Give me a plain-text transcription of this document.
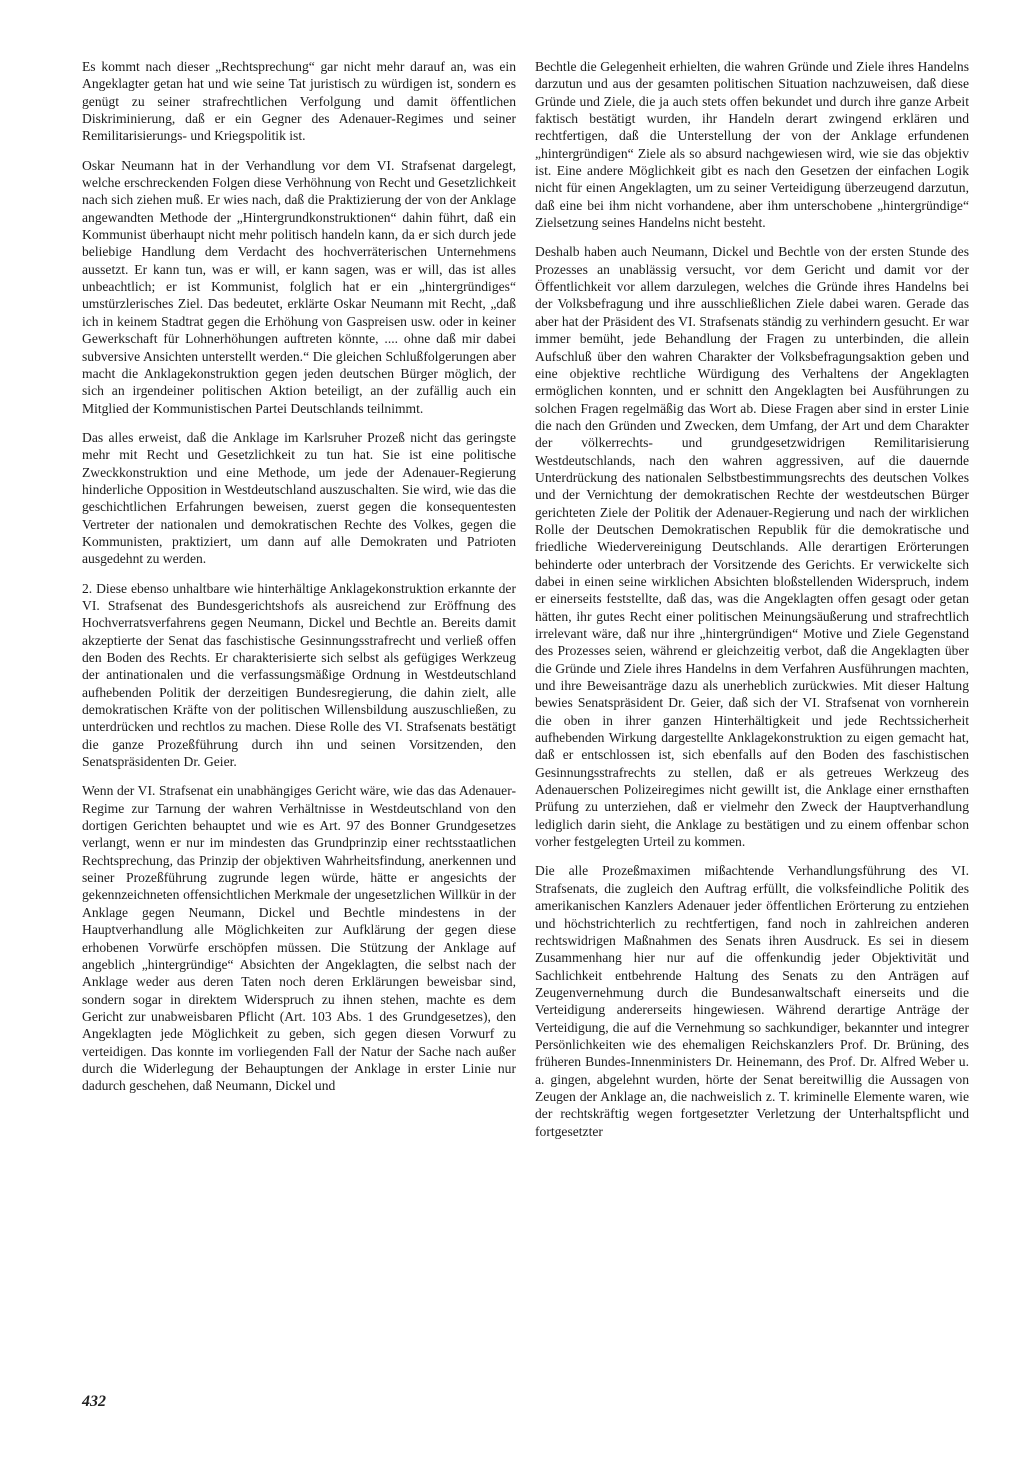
Es kommt nach dieser „Rechtsprechung“ gar nicht mehr darauf an, was ein Angeklagter getan hat und wie seine Tat juristisch zu würdigen ist, sondern es genügt zu seiner strafrechtlichen Verfolgung und damit öffentlichen Diskriminierung, daß er ein Gegner des Adenauer-Regimes und seiner Remilitarisierungs- und Kriegspolitik ist.

Oskar Neumann hat in der Verhandlung vor dem VI. Strafsenat dargelegt, welche erschreckenden Folgen diese Verhöhnung von Recht und Gesetzlichkeit nach sich ziehen muß. Er wies nach, daß die Praktizierung der von der Anklage angewandten Methode der „Hintergrundkonstruktionen“ dahin führt, daß ein Kommunist überhaupt nicht mehr politisch handeln kann, da er sich durch jede beliebige Handlung dem Verdacht des hochverräterischen Unternehmens aussetzt. Er kann tun, was er will, er kann sagen, was er will, das ist alles unbeachtlich; er ist Kommunist, folglich hat er ein „hintergründiges“ umstürzlerisches Ziel. Das bedeutet, erklärte Oskar Neumann mit Recht, „daß ich in keinem Stadtrat gegen die Erhöhung von Gaspreisen usw. oder in keiner Gewerkschaft für Lohnerhöhungen auftreten könnte, .... ohne daß mir dabei subversive Ansichten unterstellt werden.“ Die gleichen Schlußfolgerungen aber macht die Anklagekonstruktion gegen jeden deutschen Bürger möglich, der sich an irgendeiner politischen Aktion beteiligt, an der zufällig auch ein Mitglied der Kommunistischen Partei Deutschlands teilnimmt.

Das alles erweist, daß die Anklage im Karlsruher Prozeß nicht das geringste mehr mit Recht und Gesetzlichkeit zu tun hat. Sie ist eine politische Zweckkonstruktion und eine Methode, um jede der Adenauer-Regierung hinderliche Opposition in Westdeutschland auszuschalten. Sie wird, wie das die geschichtlichen Erfahrungen beweisen, zuerst gegen die konsequentesten Vertreter der nationalen und demokratischen Rechte des Volkes, gegen die Kommunisten, praktiziert, um dann auf alle Demokraten und Patrioten ausgedehnt zu werden.

2. Diese ebenso unhaltbare wie hinterhältige Anklagekonstruktion erkannte der VI. Strafsenat des Bundesgerichtshofs als ausreichend zur Eröffnung des Hochverratsverfahrens gegen Neumann, Dickel und Bechtle an. Bereits damit akzeptierte der Senat das faschistische Gesinnungsstrafrecht und verließ offen den Boden des Rechts. Er charakterisierte sich selbst als gefügiges Werkzeug der antinationalen und die verfassungsmäßige Ordnung in Westdeutschland aufhebenden Politik der derzeitigen Bundesregierung, die dahin zielt, alle demokratischen Kräfte von der politischen Willensbildung auszuschließen, zu unterdrücken und rechtlos zu machen. Diese Rolle des VI. Strafsenats bestätigt die ganze Prozeßführung durch ihn und seinen Vorsitzenden, den Senatspräsidenten Dr. Geier.

Wenn der VI. Strafsenat ein unabhängiges Gericht wäre, wie das das Adenauer-Regime zur Tarnung der wahren Verhältnisse in Westdeutschland von den dortigen Gerichten behauptet und wie es Art. 97 des Bonner Grundgesetzes verlangt, wenn er nur im mindesten das Grundprinzip einer rechtsstaatlichen Rechtsprechung, das Prinzip der objektiven Wahrheitsfindung, anerkennen und seiner Prozeßführung zugrunde legen würde, hätte er angesichts der gekennzeichneten offensichtlichen Merkmale der ungesetzlichen Willkür in der Anklage gegen Neumann, Dickel und Bechtle mindestens in der Hauptverhandlung alle Möglichkeiten zur Aufklärung der gegen diese erhobenen Vorwürfe erschöpfen müssen. Die Stützung der Anklage auf angeblich „hintergründige“ Absichten der Angeklagten, die selbst nach der Anklage weder aus deren Taten noch deren Erklärungen beweisbar sind, sondern sogar in direktem Widerspruch zu ihnen stehen, machte es dem Gericht zur unabweisbaren Pflicht (Art. 103 Abs. 1 des Grundgesetzes), den Angeklagten jede Möglichkeit zu geben, sich gegen diesen Vorwurf zu verteidigen. Das konnte im vorliegenden Fall der Natur der Sache nach außer durch die Widerlegung der Behauptungen der Anklage in erster Linie nur dadurch geschehen, daß Neumann, Dickel und

Bechtle die Gelegenheit erhielten, die wahren Gründe und Ziele ihres Handelns darzutun und aus der gesamten politischen Situation nachzuweisen, daß diese Gründe und Ziele, die ja auch stets offen bekundet und durch ihre ganze Arbeit faktisch bestätigt wurden, ihr Handeln derart zwingend erklären und rechtfertigen, daß die Unterstellung der von der Anklage erfundenen „hintergründigen“ Ziele als so absurd nachgewiesen wird, wie sie das objektiv ist. Eine andere Möglichkeit gibt es nach den Gesetzen der einfachen Logik nicht für einen Angeklagten, um zu seiner Verteidigung überzeugend darzutun, daß eine bei ihm nicht vorhandene, aber ihm unterschobene „hintergründige“ Zielsetzung seines Handelns nicht besteht.

Deshalb haben auch Neumann, Dickel und Bechtle von der ersten Stunde des Prozesses an unablässig versucht, vor dem Gericht und damit vor der Öffentlichkeit vor allem darzulegen, welches die Gründe ihres Handelns bei der Volksbefragung und ihre ausschließlichen Ziele dabei waren. Gerade das aber hat der Präsident des VI. Strafsenats ständig zu verhindern gesucht. Er war immer bemüht, jede Behandlung der Fragen zu unterbinden, die allein Aufschluß über den wahren Charakter der Volksbefragungsaktion geben und eine objektive rechtliche Würdigung des Verhaltens der Angeklagten ermöglichen konnten, und er schnitt den Angeklagten bei Ausführungen zu solchen Fragen regelmäßig das Wort ab. Diese Fragen aber sind in erster Linie die nach den Gründen und Zwecken, dem Umfang, der Art und dem Charakter der völkerrechts- und grundgesetzwidrigen Remilitarisierung Westdeutschlands, nach den wahren aggressiven, auf die dauernde Unterdrückung des nationalen Selbstbestimmungsrechts des deutschen Volkes und der Vernichtung der demokratischen Rechte der westdeutschen Bürger gerichteten Ziele der Politik der Adenauer-Regierung und nach der wirklichen Rolle der Deutschen Demokratischen Republik für die demokratische und friedliche Wiedervereinigung Deutschlands. Alle derartigen Erörterungen behinderte oder unterbrach der Vorsitzende des Gerichts. Er verwickelte sich dabei in einen seine wirklichen Absichten bloßstellenden Widerspruch, indem er einerseits feststellte, daß das, was die Angeklagten offen gesagt oder getan hätten, ihr gutes Recht einer politischen Meinungsäußerung und strafrechtlich irrelevant wäre, daß nur ihre „hintergründigen“ Motive und Ziele Gegenstand des Prozesses seien, während er gleichzeitig verbot, daß die Angeklagten über die Gründe und Ziele ihres Handelns in dem Verfahren Ausführungen machten, und ihre Beweisanträge dazu als unerheblich zurückwies. Mit dieser Haltung bewies Senatspräsident Dr. Geier, daß sich der VI. Strafsenat von vornherein die oben in ihrer ganzen Hinterhältigkeit und jede Rechtssicherheit aufhebenden Wirkung dargestellte Anklagekonstruktion zu eigen gemacht hat, daß er entschlossen ist, sich ebenfalls auf den Boden des faschistischen Gesinnungsstrafrechts zu stellen, daß er als getreues Werkzeug des Adenauerschen Polizeiregimes nicht gewillt ist, die Anklage einer ernsthaften Prüfung zu unterziehen, daß er vielmehr den Zweck der Hauptverhandlung lediglich darin sieht, die Anklage zu bestätigen und zu einem offenbar schon vorher festgelegten Urteil zu kommen.

Die alle Prozeßmaximen mißachtende Verhandlungsführung des VI. Strafsenats, die zugleich den Auftrag erfüllt, die volksfeindliche Politik des amerikanischen Kanzlers Adenauer jeder öffentlichen Erörterung zu entziehen und höchstrichterlich zu rechtfertigen, fand noch in zahlreichen anderen rechtswidrigen Maßnahmen des Senats ihren Ausdruck. Es sei in diesem Zusammenhang hier nur auf die offenkundig jeder Objektivität und Sachlichkeit entbehrende Haltung des Senats zu den Anträgen auf Zeugenvernehmung durch die Bundesanwaltschaft einerseits und die Verteidigung andererseits hingewiesen. Während derartige Anträge der Verteidigung, die auf die Vernehmung so sachkundiger, bekannter und integrer Persönlichkeiten wie des ehemaligen Reichskanzlers Prof. Dr. Brüning, des früheren Bundes-Innenministers Dr. Heinemann, des Prof. Dr. Alfred Weber u. a. gingen, abgelehnt wurden, hörte der Senat bereitwillig die Aussagen von Zeugen der Anklage an, die nachweislich z. T. kriminelle Elemente waren, wie der rechtskräftig wegen fortgesetzter Verletzung der Unterhaltspflicht und fortgesetzter

432
